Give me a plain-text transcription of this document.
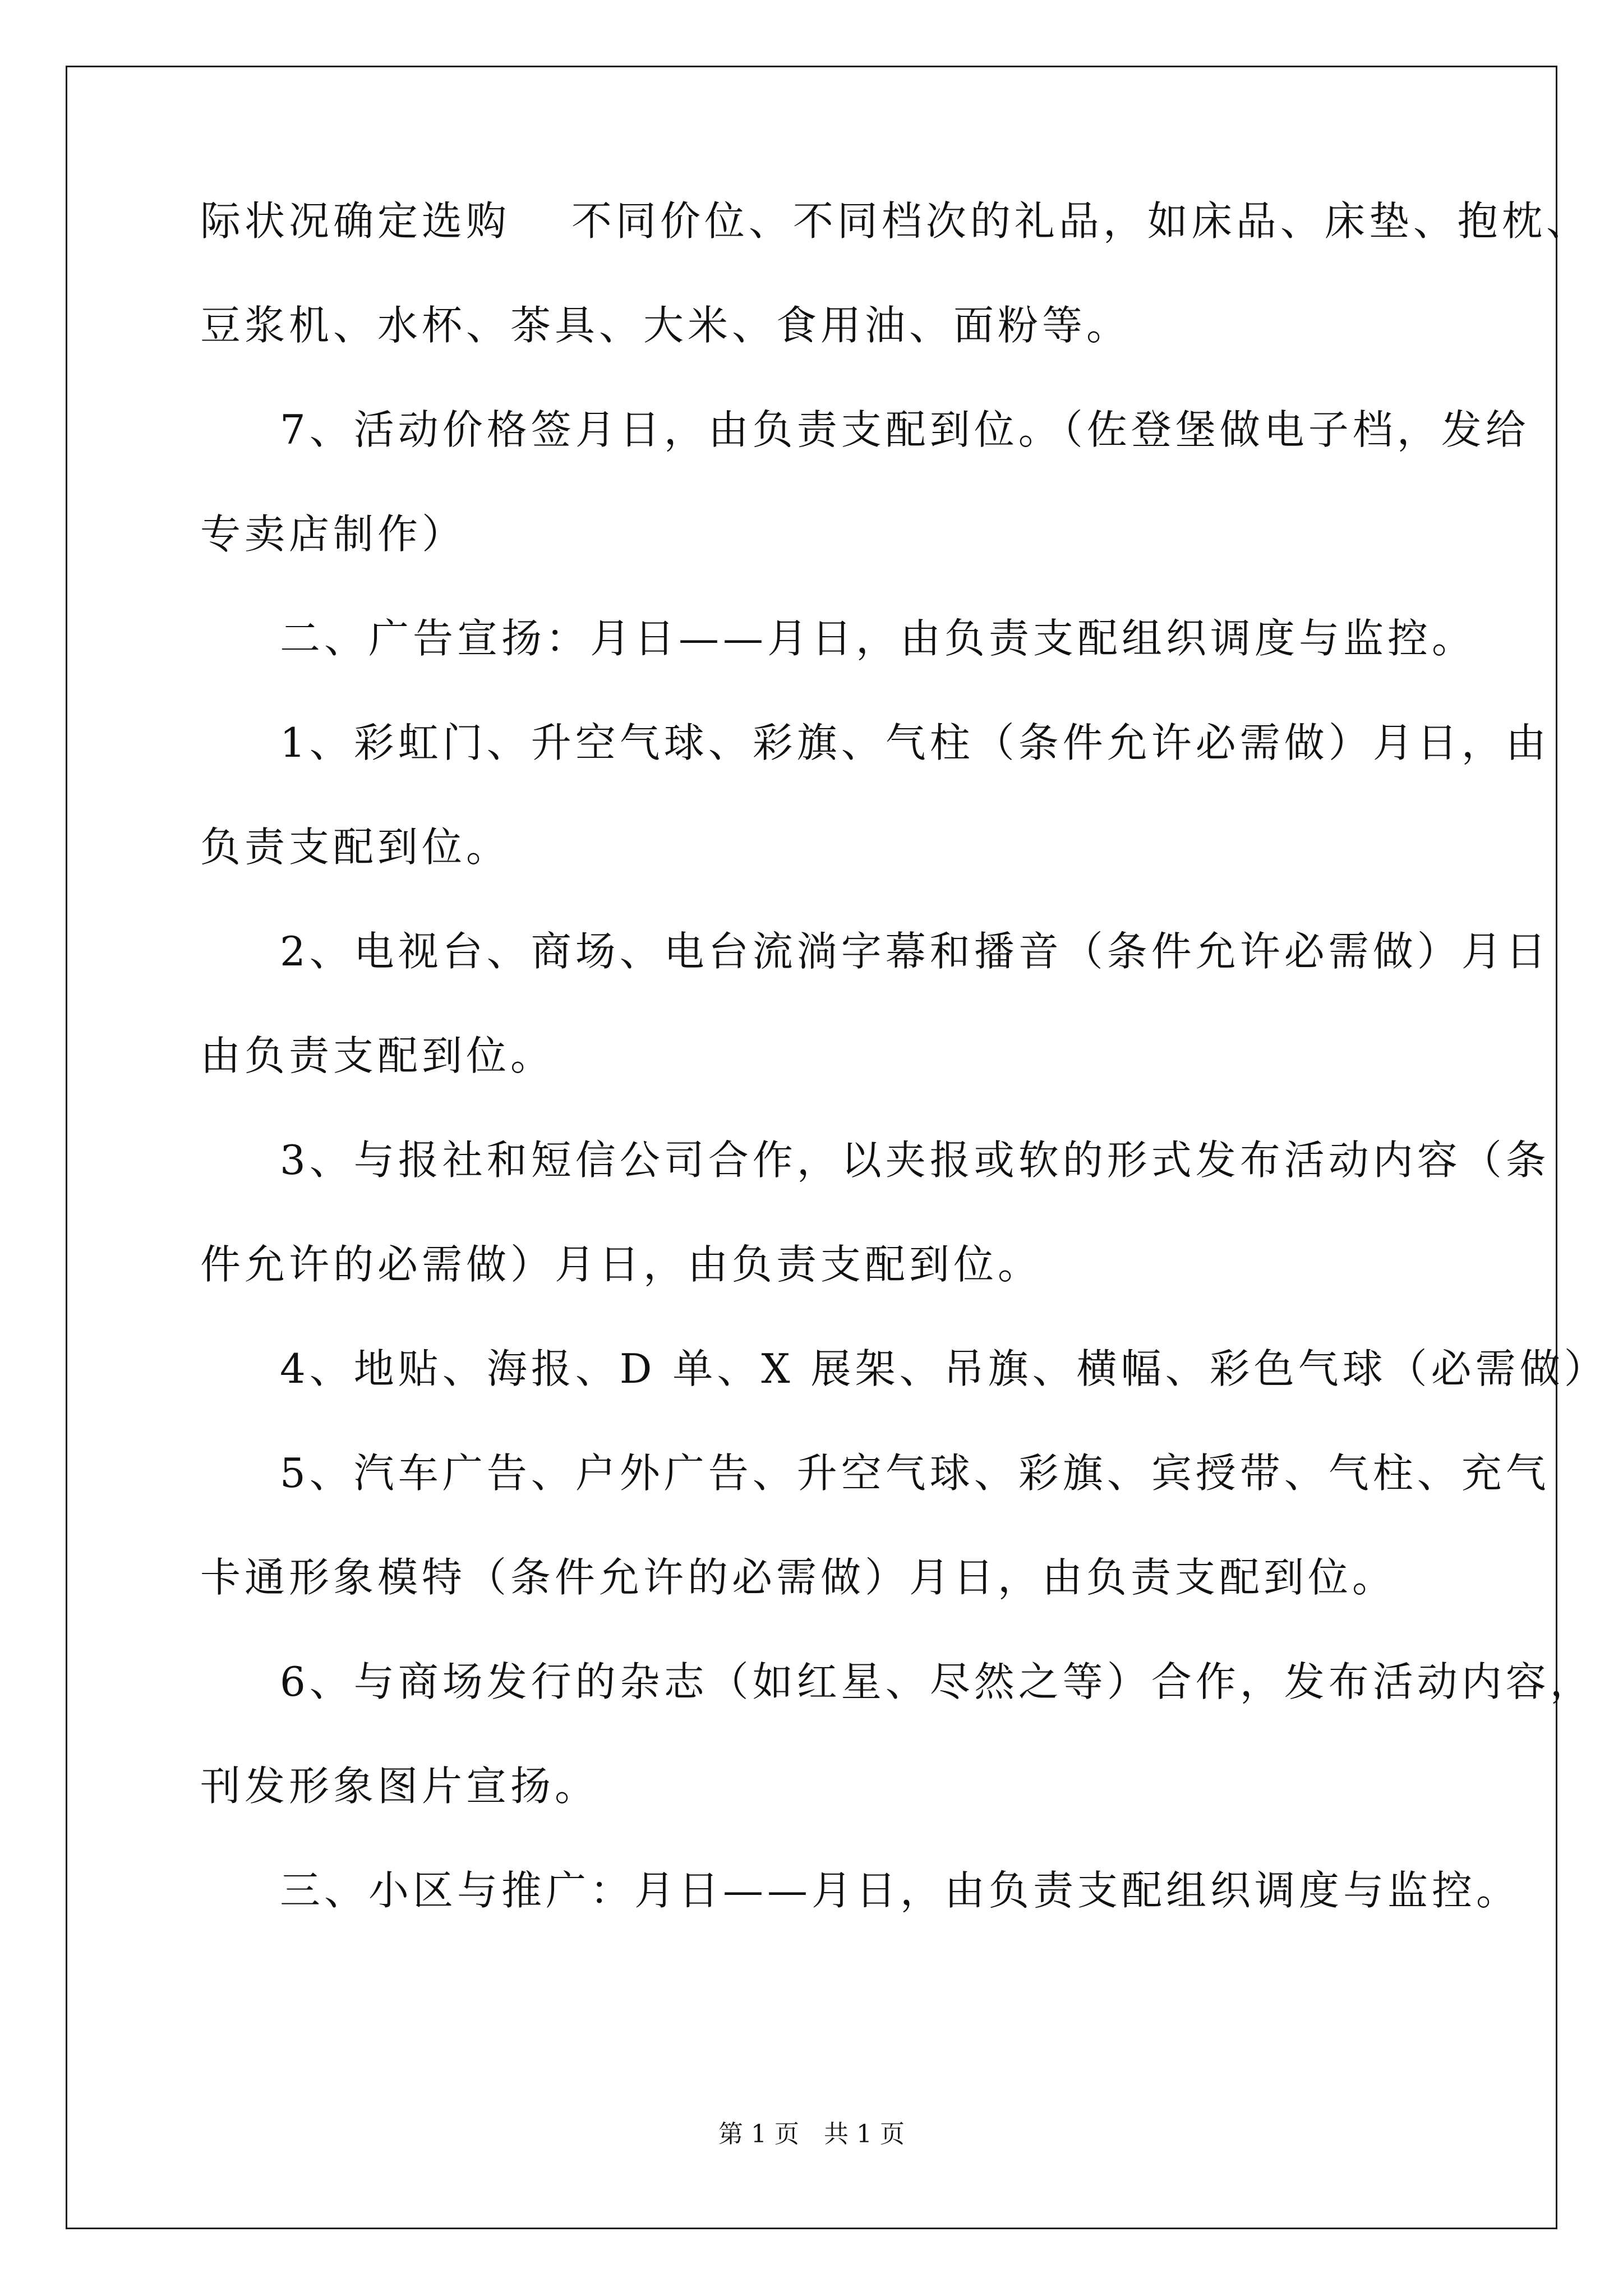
际状况确定选购　 不同价位、不同档次的礼品，如床品、床垫、抱枕、
豆浆机、水杯、茶具、大米、食用油、面粉等。
7、活动价格签月日，由负责支配到位。（佐登堡做电子档，发给
专卖店制作）
二、广告宣扬：月日——月日，由负责支配组织调度与监控。
1、彩虹门、升空气球、彩旗、气柱（条件允许必需做）月日，由
负责支配到位。
2、电视台、商场、电台流淌字幕和播音（条件允许必需做）月日
由负责支配到位。
3、与报社和短信公司合作，以夹报或软的形式发布活动内容（条
件允许的必需做）月日，由负责支配到位。
4、地贴、海报、D 单、X 展架、吊旗、横幅、彩色气球（必需做）
5、汽车广告、户外广告、升空气球、彩旗、宾授带、气柱、充气
卡通形象模特（条件允许的必需做）月日，由负责支配到位。
6、与商场发行的杂志（如红星、尽然之等）合作，发布活动内容，
刊发形象图片宣扬。
三、小区与推广：月日——月日，由负责支配组织调度与监控。
第 1 页　共 1 页
